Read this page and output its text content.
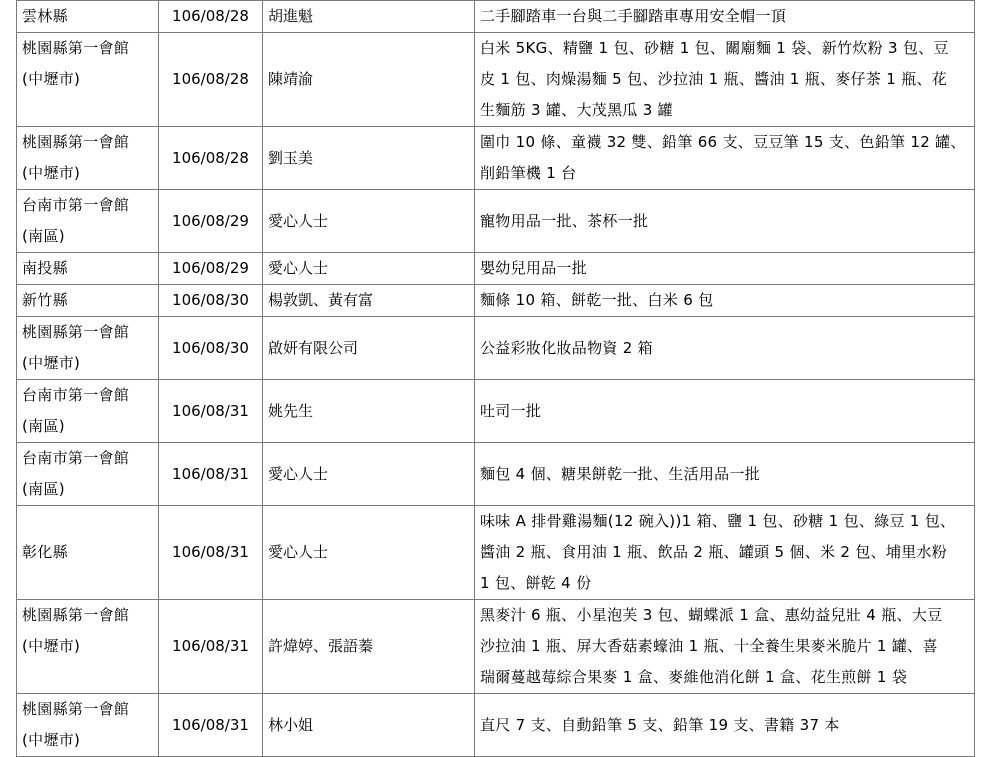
雲林縣	106/08/28	胡進魁	二手腳踏車一台與二手腳踏車專用安全帽一頂

桃園縣第一會館
(中壢市)	106/08/28	陳靖渝	白米 5KG、精鹽 1 包、砂糖 1 包、關廟麵 1 袋、新竹炊粉 3 包、豆
皮 1 包、肉燥湯麵 5 包、沙拉油 1 瓶、醬油 1 瓶、麥仔茶 1 瓶、花
生麵筋 3 罐、大茂黑瓜 3 罐

桃園縣第一會館
(中壢市)	106/08/28	劉玉美	圍巾 10 條、童襪 32 雙、鉛筆 66 支、豆豆筆 15 支、色鉛筆 12 罐、
削鉛筆機 1 台

台南市第一會館
(南區)	106/08/29	愛心人士	寵物用品一批、茶杯一批

南投縣	106/08/29	愛心人士	嬰幼兒用品一批

新竹縣	106/08/30	楊敦凱、黃有富	麵條 10 箱、餅乾一批、白米 6 包

桃園縣第一會館
(中壢市)	106/08/30	啟妍有限公司	公益彩妝化妝品物資 2 箱

台南市第一會館
(南區)	106/08/31	姚先生	吐司一批

台南市第一會館
(南區)	106/08/31	愛心人士	麵包 4 個、糖果餅乾一批、生活用品一批

彰化縣	106/08/31	愛心人士	味味 A 排骨雞湯麵(12 碗入))1 箱、鹽 1 包、砂糖 1 包、綠豆 1 包、
醬油 2 瓶、食用油 1 瓶、飲品 2 瓶、罐頭 5 個、米 2 包、埔里水粉
1 包、餅乾 4 份

桃園縣第一會館
(中壢市)	106/08/31	許煒婷、張語蓁	黑麥汁 6 瓶、小星泡芙 3 包、蝴蝶派 1 盒、惠幼益兒壯 4 瓶、大豆
沙拉油 1 瓶、屏大香菇素蠔油 1 瓶、十全養生果麥米脆片 1 罐、喜
瑞爾蔓越莓綜合果麥 1 盒、麥維他消化餅 1 盒、花生煎餅 1 袋

桃園縣第一會館
(中壢市)	106/08/31	林小姐	直尺 7 支、自動鉛筆 5 支、鉛筆 19 支、書籍 37 本
